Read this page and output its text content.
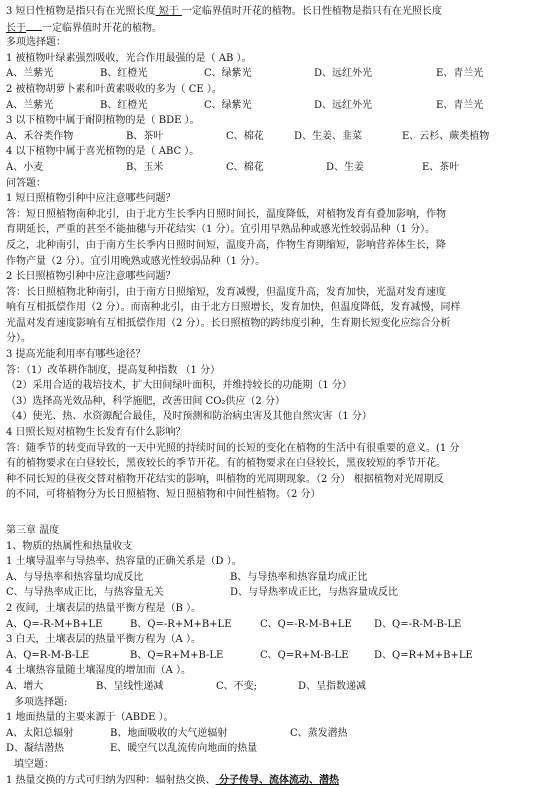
3 短日性植物是指只有在光照长度 短于 一定临界值时开花的植物。长日性植物是指只有在光照长度
长于 一定临界值时开花的植物。
多项选择题：
1 被植物叶绿素强烈吸收，光合作用最强的是（ AB ）。
A、兰紫光	B、红橙光	C、绿紫光	D、远红外光	E、青兰光
2 被植物胡萝卜素和叶黄素吸收的多为（ CE ）。
A、兰紫光	B、红橙光	C、绿紫光	D、远红外光	E、青兰光
3 以下植物中属于耐阴植物的是（ BDE ）。
A、禾谷类作物	B、茶叶	C、棉花	D、生姜、韭菜	E、云杉、蕨类植物
4 以下植物中属于喜光植物的是（ ABC ）。
A、小麦	B、玉米	C、棉花	D、生姜	E、茶叶
问答题：
1 短日照植物引种中应注意哪些问题？
答：短日照植物南种北引，由于北方生长季内日照时间长，温度降低，对植物发育有叠加影响，作物
育期延长，严重的甚至不能抽穗与开花结实（1 分）。宜引用早熟品种或感光性较弱品种（1 分）。
反之，北种南引，由于南方生长季内日照时间短，温度升高，作物生育期缩短，影响营养体生长，降
作物产量（2 分）。宜引用晚熟或感光性较弱品种（1 分）。
2 长日照植物引种中应注意哪些问题？
答：长日照植物北种南引，由于南方日照缩短，发育减慢，但温度升高，发育加快，光温对发育速度
响有互相抵偿作用（2 分）。而南种北引，由于北方日照增长，发育加快，但温度降低，发育减慢，同样
光温对发育速度影响有互相抵偿作用（2 分）。长日照植物的跨纬度引种，生育期长短变化应综合分析
分）。
3 提高光能利用率有哪些途径？
答：（1）改革耕作制度，提高复种指数 （1 分）
（2）采用合适的栽培技术，扩大田间绿叶面积，并维持较长的功能期（1 分）
（3）选择高光效品种，科学施肥，改善田间 CO₂供应（2 分）
（4）使光、热、水资源配合最佳，及时预测和防治病虫害及其他自然灾害（1 分）
4 日照长短对植物生长发育有什么影响？
答：随季节的转变而导致的一天中光照的持续时间的长短的变化在植物的生活中有很重要的意义。(1 分
有的植物要求在白昼较长，黑夜较长的季节开花。有的植物要求在白昼较长，黑夜较短的季节开花。
种不同长短的昼夜交替对植物开花结实的影响，叫植物的光周期现象。（2 分） 根据植物对光周期反
的不同，可将植物分为长日照植物、短日照植物和中间性植物。（2 分）
第三章 温度
1、物质的热属性和热量收支
1 土壤导温率与导热率、热容量的正确关系是（D ）。
A、与导热率和热容量均成反比	B、与导热率和热容量均成正比
C、与导热率成正比，与热容量无关	D、与导热率成正比，与热容量成反比
2 夜间，土壤表层的热量平衡方程是（B ）。
A、Q=-R-M+B+LE	B、Q=-R+M+B+LE	C、Q=-R-M-B+LE	D、Q=-R-M-B-LE
3 白天，土壤表层的热量平衡方程为（A ）。
A、Q=R-M-B-LE	B、Q=R+M+B-LE	C、Q=R+M-B-LE	D、Q=R+M+B+LE
4 土壤热容量随土壤湿度的增加而（A ）。
A、增大	B、呈线性递减	C、不变;	D、呈指数递减
多项选择题:
1 地面热量的主要来源于（ABDE ）。
A、太阳总辐射	B、地面吸收的大气逆辐射	C、蒸发潜热
D、凝结潜热	E、暖空气以乱流传向地面的热量
填空题：
1 热量交换的方式可归纳为四种：辐射热交换、 分子传导、流体流动、潜热
